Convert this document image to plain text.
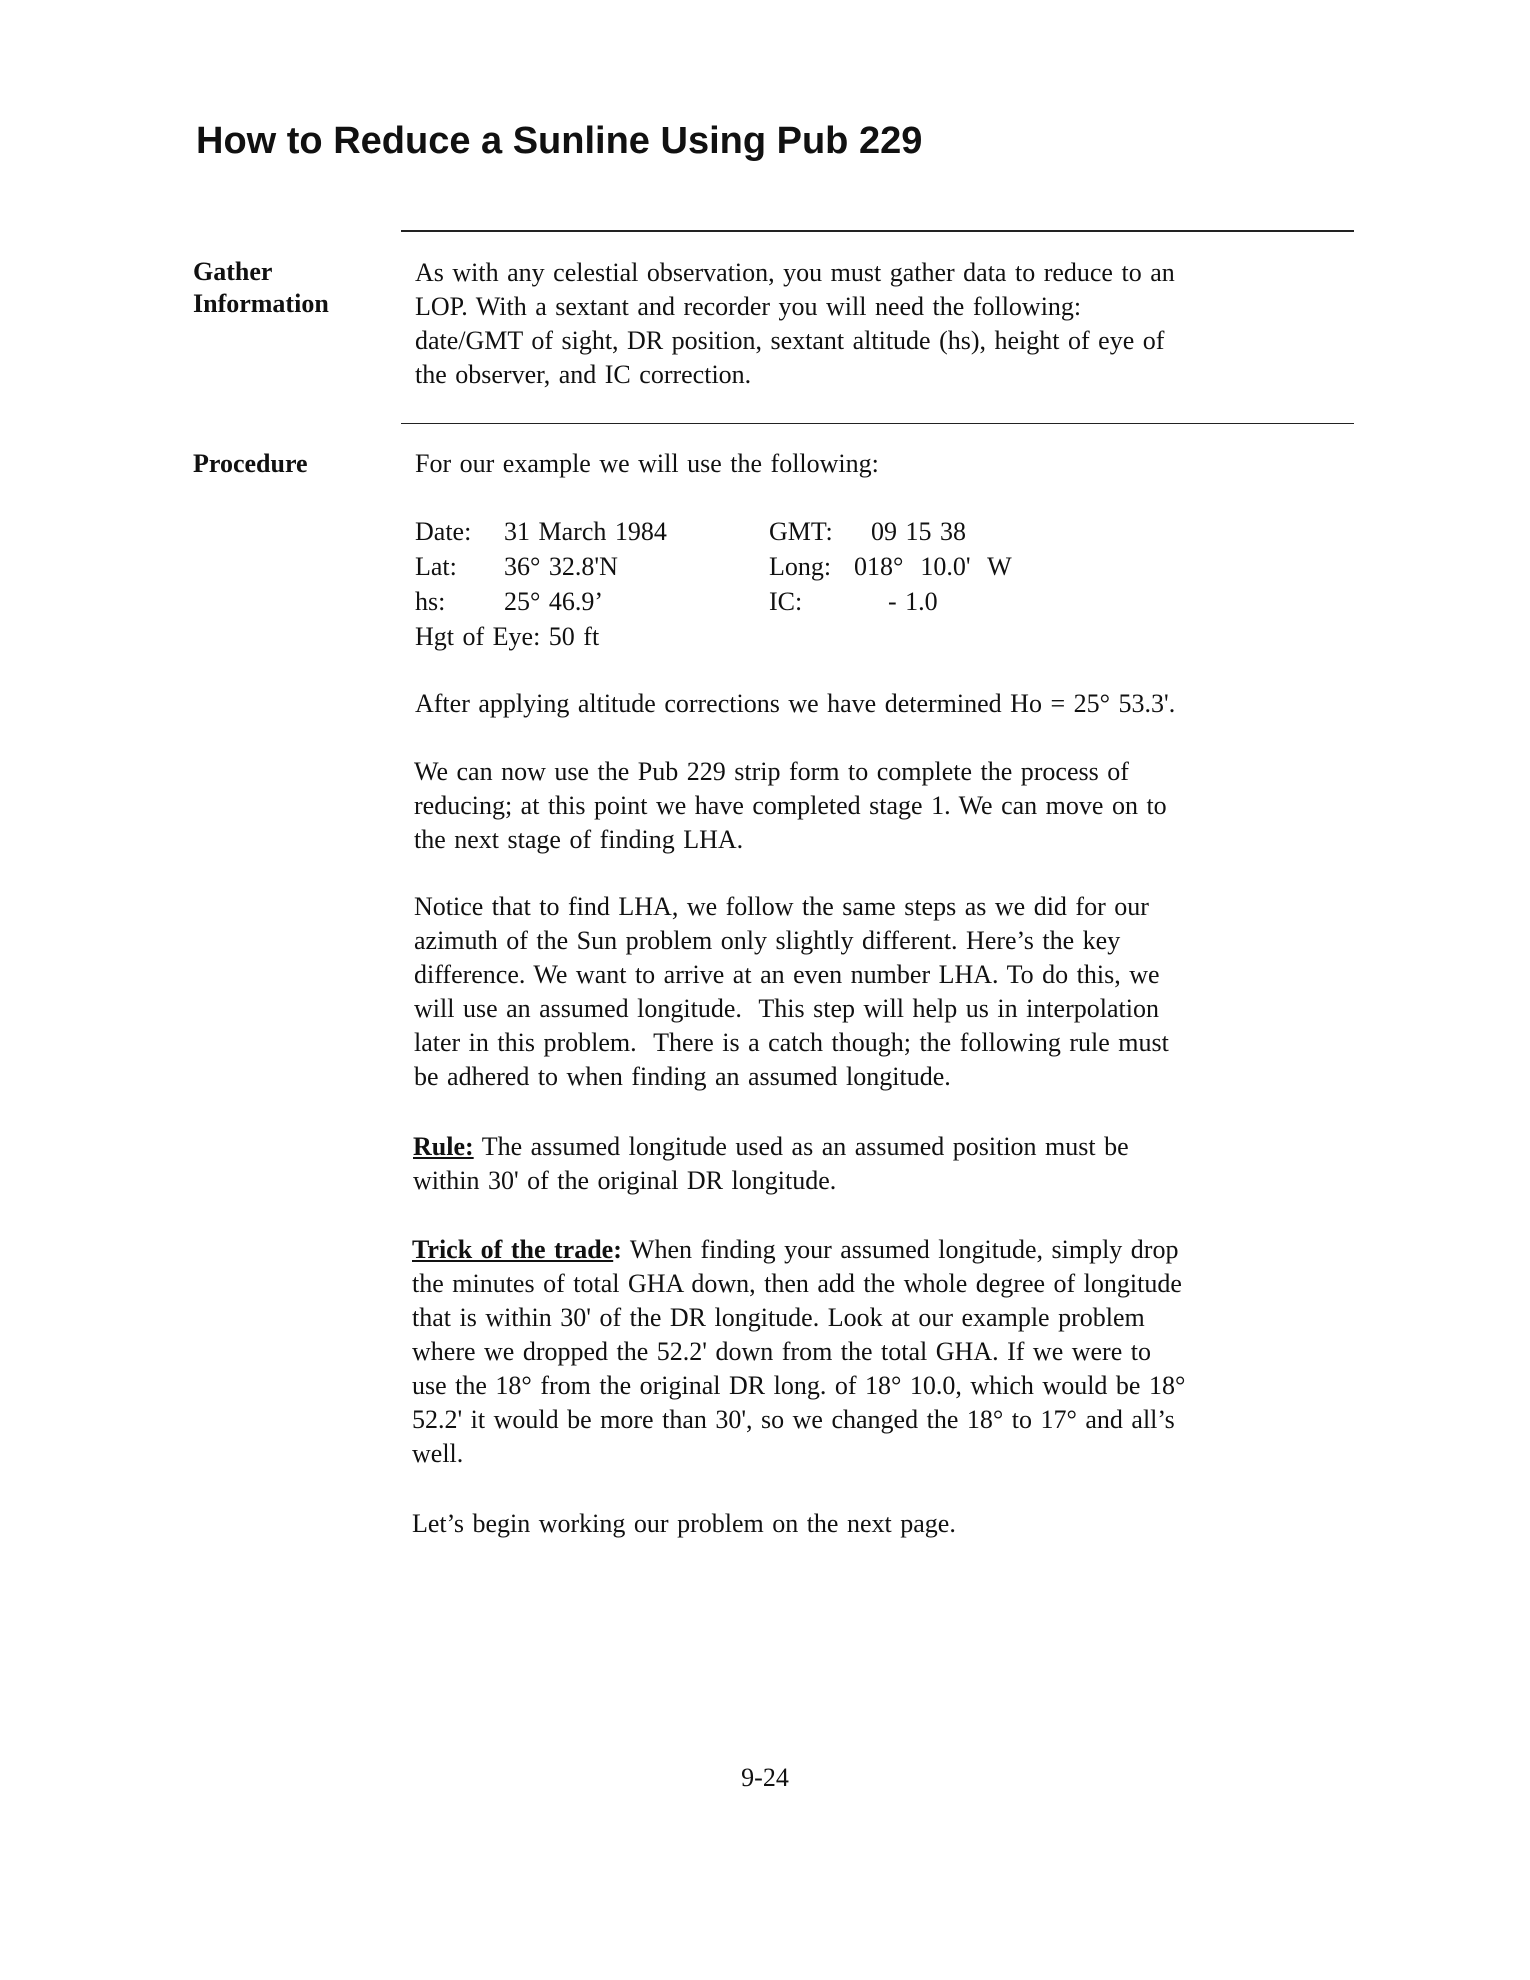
How to Reduce a Sunline Using Pub 229
Gather
Information
As with any celestial observation, you must gather data to reduce to an
LOP. With a sextant and recorder you will need the following:
date/GMT of sight, DR position, sextant altitude (hs), height of eye of
the observer, and IC correction.
Procedure	For our example we will use the following:
Date:	31 March 1984	GMT: 09 15 38
Lat:	36° 32.8'N	Long: 018°  10.0'  W
hs:	25° 46.9’	IC:	- 1.0
Hgt of Eye: 50 ft
After applying altitude corrections we have determined Ho = 25° 53.3'.
We can now use the Pub 229 strip form to complete the process of
reducing; at this point we have completed stage 1. We can move on to
the next stage of finding LHA.
Notice that to find LHA, we follow the same steps as we did for our
azimuth of the Sun problem only slightly different. Here’s the key
difference. We want to arrive at an even number LHA. To do this, we
will use an assumed longitude.  This step will help us in interpolation
later in this problem.  There is a catch though; the following rule must
be adhered to when finding an assumed longitude.
Rule: The assumed longitude used as an assumed position must be
within 30' of the original DR longitude.
Trick of the trade: When finding your assumed longitude, simply drop
the minutes of total GHA down, then add the whole degree of longitude
that is within 30' of the DR longitude. Look at our example problem
where we dropped the 52.2' down from the total GHA. If we were to
use the 18° from the original DR long. of 18° 10.0, which would be 18°
52.2' it would be more than 30', so we changed the 18° to 17° and all’s
well.
Let’s begin working our problem on the next page.
9-24
